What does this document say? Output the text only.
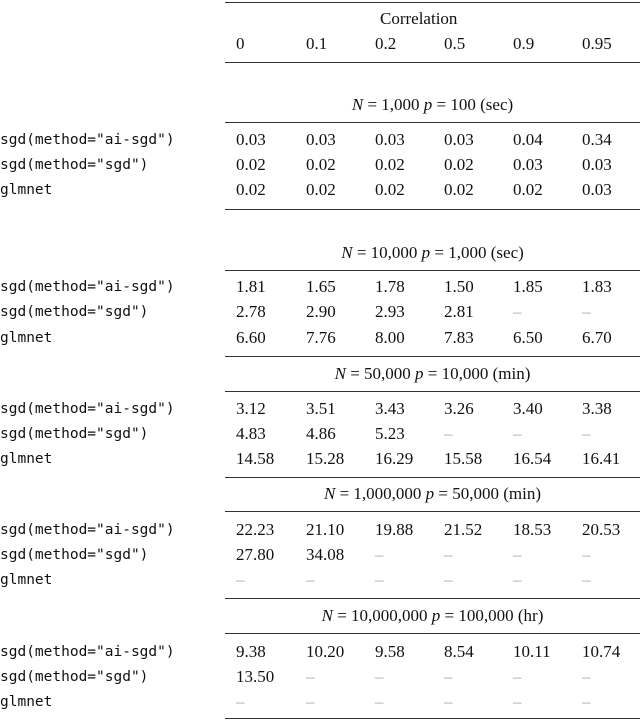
Correlation
0	0.1	0.2	0.5	0.9	0.95
N = 1,000 p = 100 (sec)
sgd(method="ai-sgd")	0.03 0.03 0.03 0.03 0.04 0.34
sgd(method="sgd")	0.02 0.02 0.02 0.02 0.03 0.03
glmnet	0.02 0.02 0.02 0.02 0.02 0.03
N = 10,000 p = 1,000 (sec)
sgd(method="ai-sgd")	1.81 1.65 1.78 1.50 1.85 1.83
sgd(method="sgd")	2.78 2.90 2.93 2.81 –	–
glmnet	6.60 7.76 8.00 7.83 6.50 6.70
N = 50,000 p = 10,000 (min)
sgd(method="ai-sgd")	3.12 3.51 3.43 3.26 3.40 3.38
sgd(method="sgd")	4.83 4.86 5.23 –	–	–
glmnet	14.58 15.28 16.29 15.58 16.54 16.41
N = 1,000,000 p = 50,000 (min)
sgd(method="ai-sgd")	22.23 21.10 19.88 21.52 18.53 20.53
sgd(method="sgd")	27.80 34.08 –	–	–	–
glmnet	–	–	–	–	–	–
N = 10,000,000 p = 100,000 (hr)
sgd(method="ai-sgd")	9.38 10.20 9.58 8.54 10.11 10.74
sgd(method="sgd")	13.50 –	–	–	–	–
glmnet	–	–	–	–	–	–
